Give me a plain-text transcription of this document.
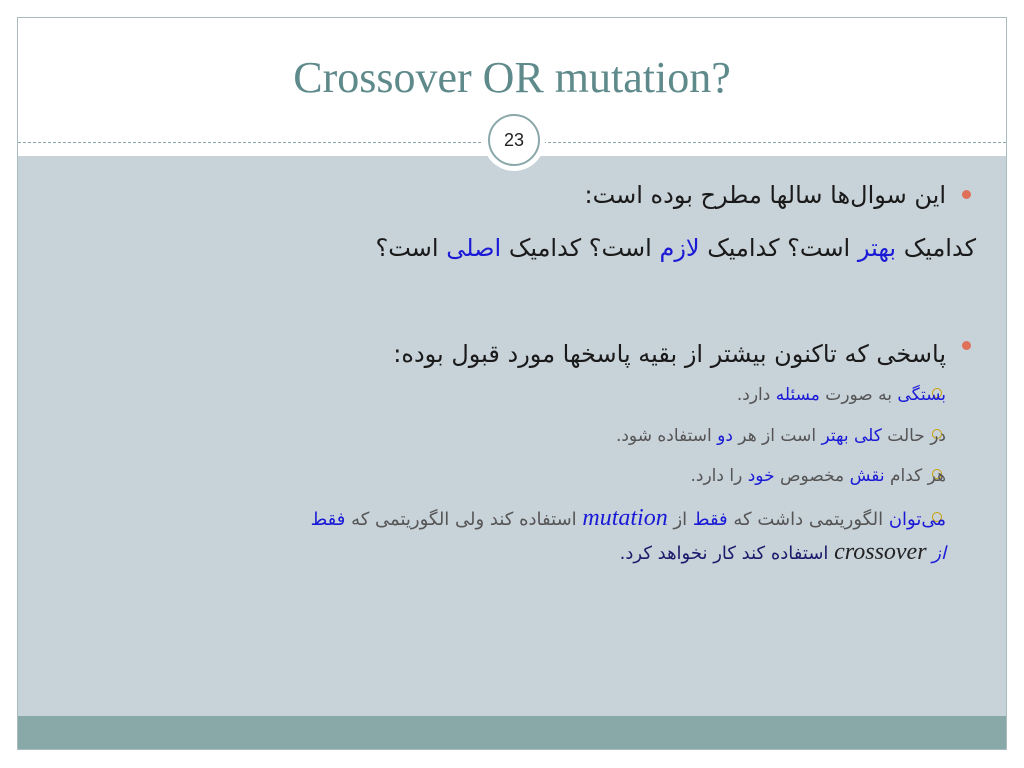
Crossover OR mutation?
23
این سوال‌ها سالها مطرح بوده است:
کدامیک بهتر است؟ کدامیک لازم است؟ کدامیک اصلی است؟
پاسخی که تاکنون بیشتر از بقیه پاسخها مورد قبول بوده:
بستگی به صورت مسئله دارد.
در حالت کلی بهتر است از هر دو استفاده شود.
هر کدام نقش مخصوص خود را دارد.
می‌توان الگوریتمی داشت که فقط از mutation استفاده کند ولی الگوریتمی که فقط
از crossover استفاده کند کار نخواهد کرد.
